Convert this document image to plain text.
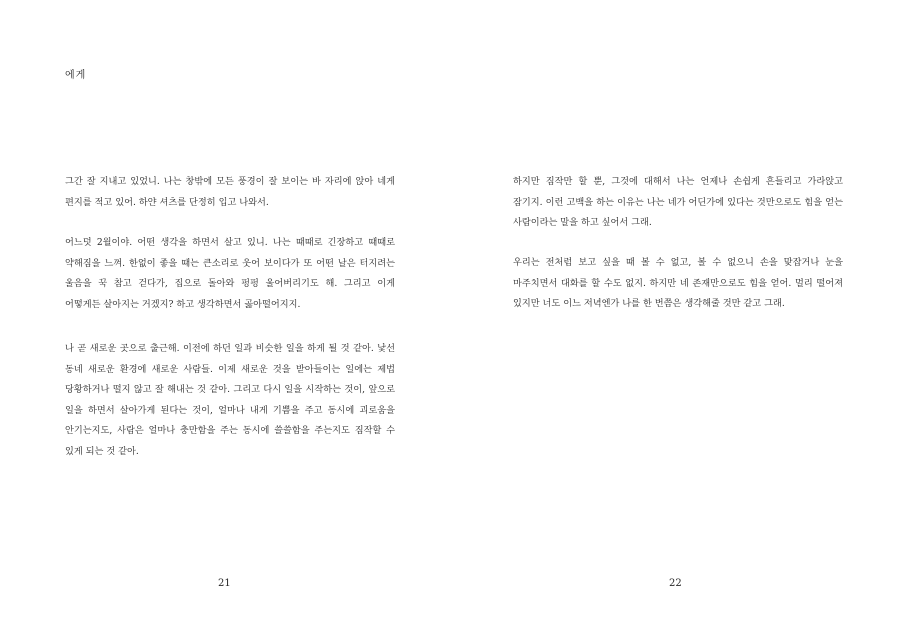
에게

그간 잘 지내고 있었니. 나는 창밖에 모든 풍경이 잘 보이는 바 자리에 앉아 네게 편지를 적고 있어. 하얀 셔츠를 단정히 입고 나와서.

어느덧 2월이야. 어떤 생각을 하면서 살고 있니. 나는 때때로 긴장하고 때때로 약해짐을 느껴. 한없이 좋을 때는 큰소리로 웃어 보이다가 또 어떤 날은 터지려는 울음을 꾹 참고 걷다가, 집으로 돌아와 펑펑 울어버리기도 해. 그리고 이게 어떻게든 살아지는 거겠지? 하고 생각하면서 곯아떨어지지.

나 곧 새로운 곳으로 출근해. 이전에 하던 일과 비슷한 일을 하게 될 것 같아. 낯선 동네 새로운 환경에 새로운 사람들. 이제 새로운 것을 받아들이는 일에는 제법 당황하거나 떨지 않고 잘 해내는 것 같아. 그리고 다시 일을 시작하는 것이, 앞으로 일을 하면서 살아가게 된다는 것이, 얼마나 내게 기쁨을 주고 동시에 괴로움을 안기는지도, 사람은 얼마나 충만함을 주는 동시에 쓸쓸함을 주는지도 짐작할 수 있게 되는 것 같아.

21

하지만 짐작만 할 뿐, 그것에 대해서 나는 언제나 손쉽게 흔들리고 가라앉고 잠기지. 이런 고백을 하는 이유는 나는 네가 어딘가에 있다는 것만으로도 힘을 얻는 사람이라는 말을 하고 싶어서 그래.

우리는 전처럼 보고 싶을 때 볼 수 없고, 볼 수 없으니 손을 맞잡거나 눈을 마주치면서 대화를 할 수도 없지. 하지만 네 존재만으로도 힘을 얻어. 멀리 떨어져 있지만 너도 이느 저녁엔가 나를 한 번쯤은 생각해줄 것만 같고 그래.

22
